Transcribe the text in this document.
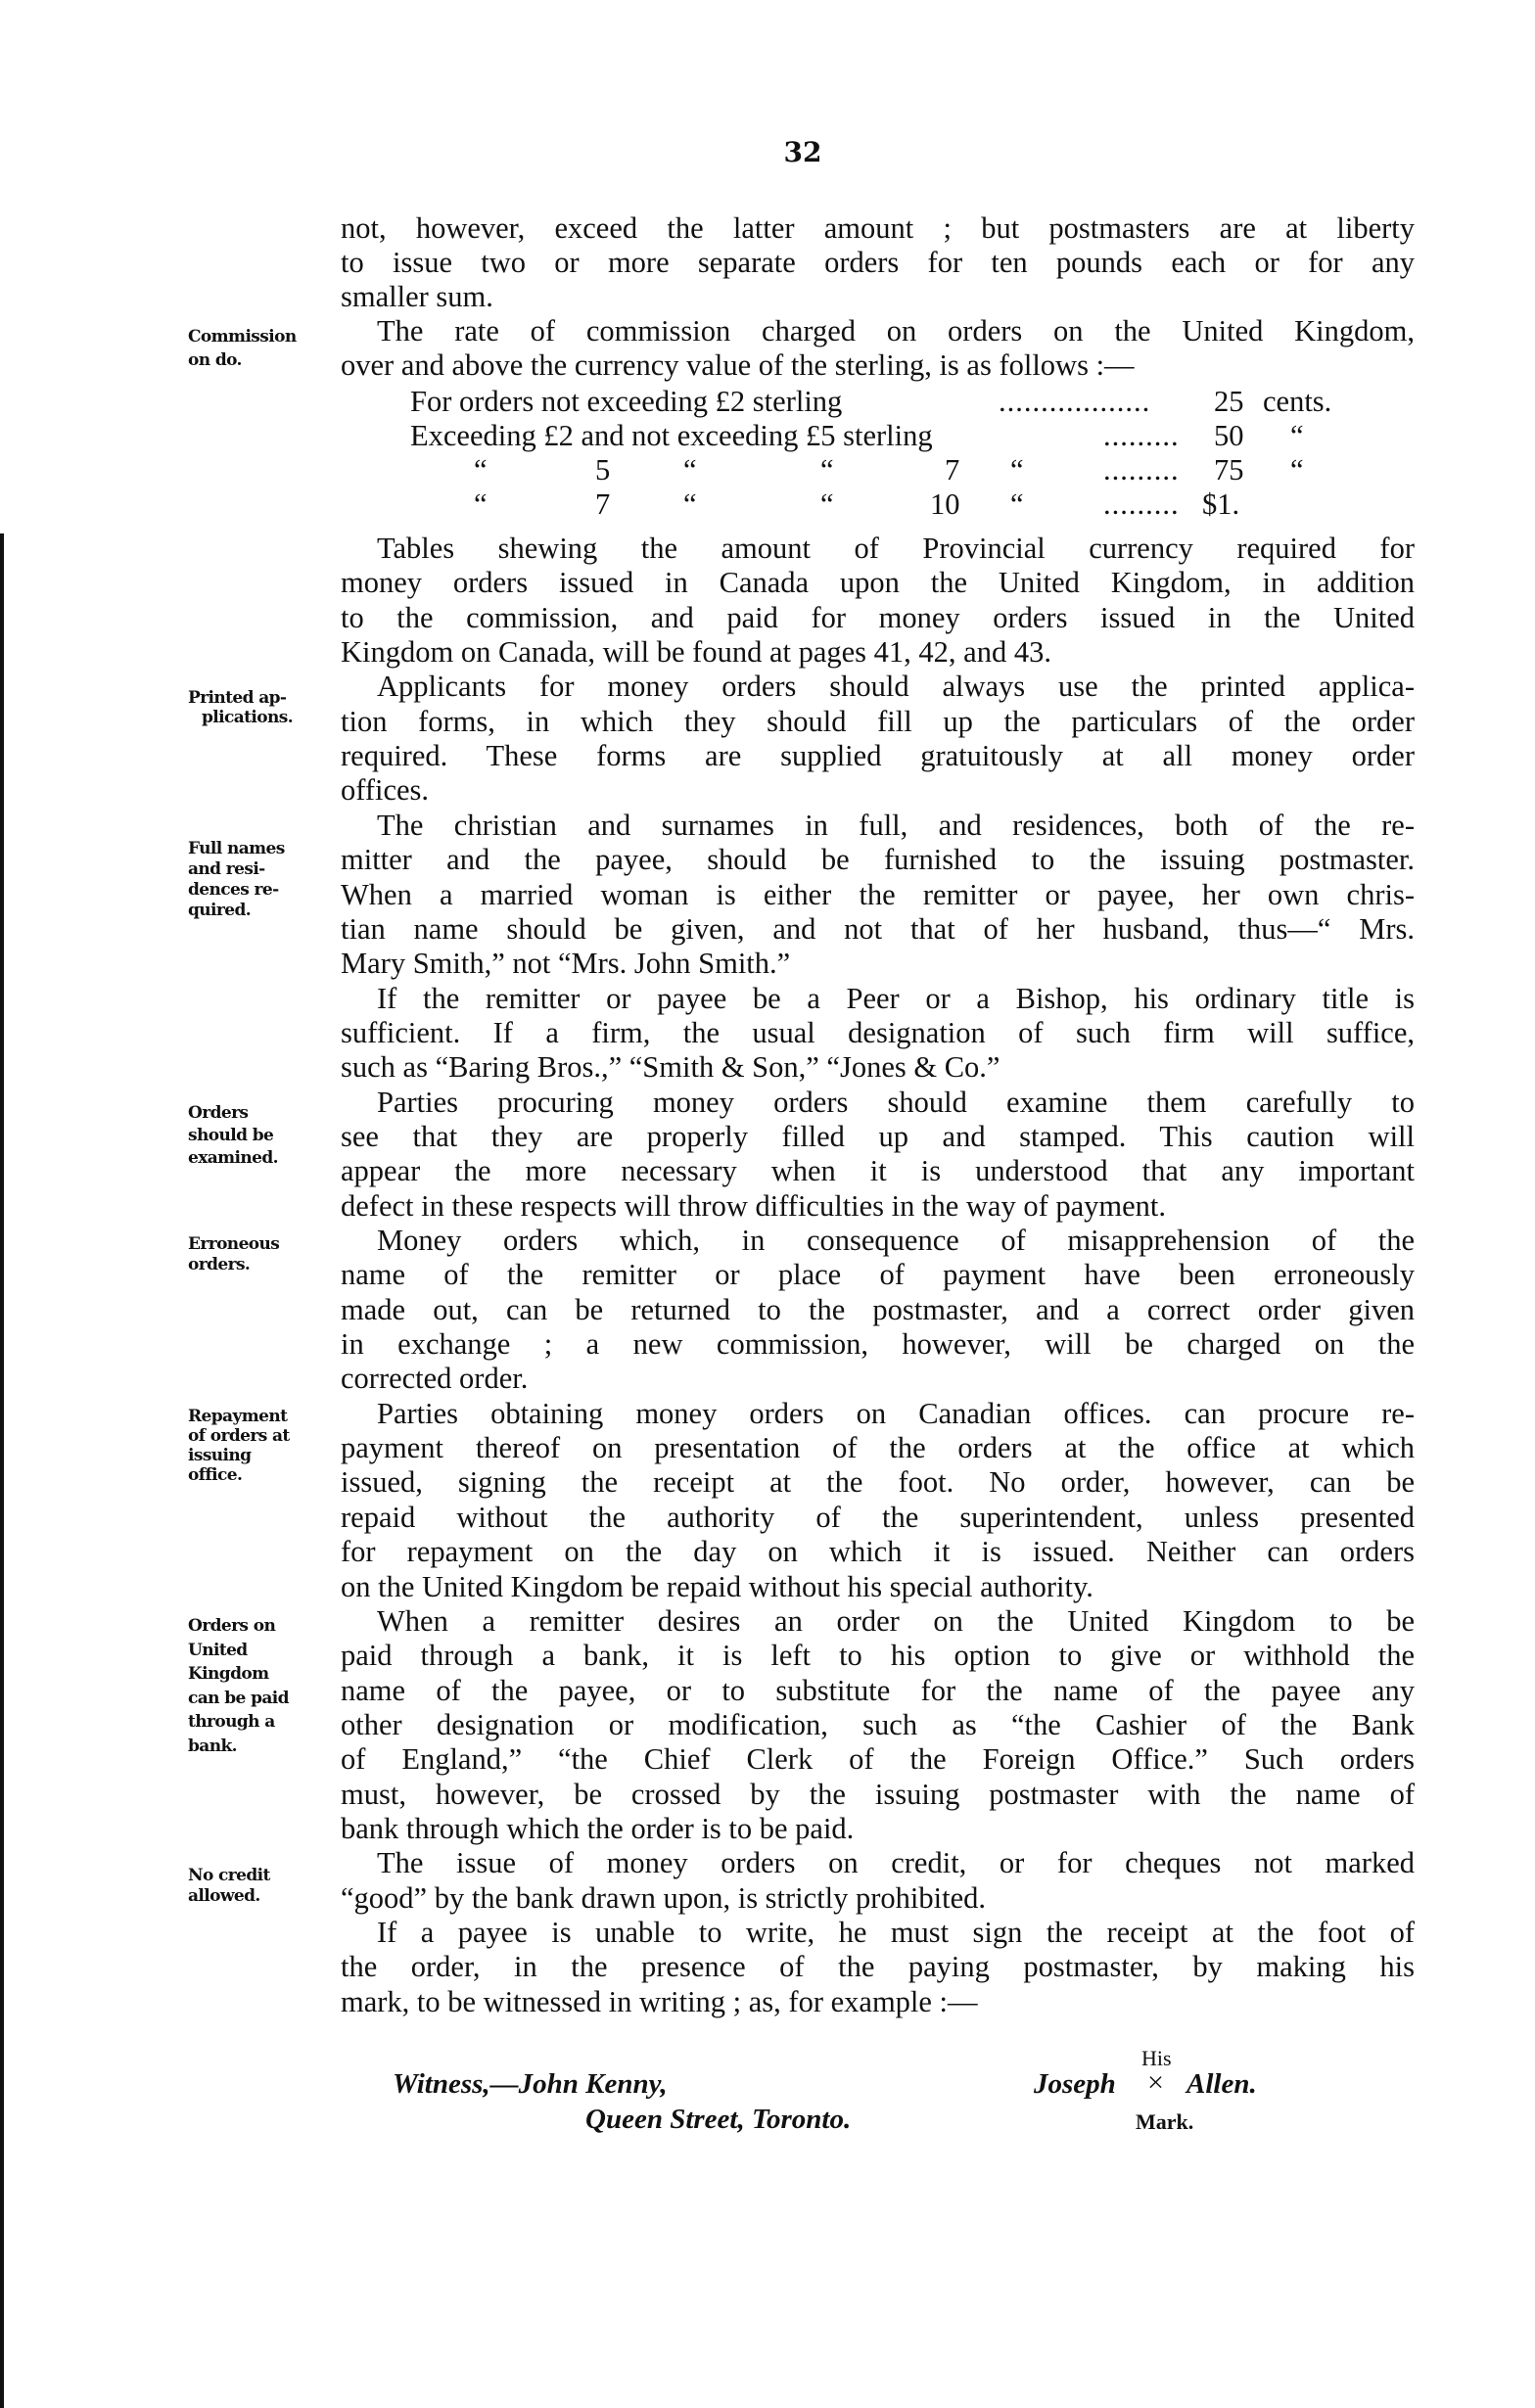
32
not, however, exceed the latter amount ; but postmasters are at liberty
to issue two or more separate orders for ten pounds each or for any
smaller sum.
The rate of commission charged on orders on the United Kingdom,
over and above the currency value of the sterling, is as follows :—
For orders not exceeding £2 sterling	.................. 25 cents.
Exceeding £2 and not exceeding £5 sterling	......... 50 “
“	5 “	“	7 “	......... 75 “
“	7 “	“	10 “	......... $1.
Tables shewing the amount of Provincial currency required for
money orders issued in Canada upon the United Kingdom, in addition
to the commission, and paid for money orders issued in the United
Kingdom on Canada, will be found at pages 41, 42, and 43.
Applicants for money orders should always use the printed applica-
tion forms, in which they should fill up the particulars of the order
required. These forms are supplied gratuitously at all money order
offices.
The christian and surnames in full, and residences, both of the re-
mitter and the payee, should be furnished to the issuing postmaster.
When a married woman is either the remitter or payee, her own chris-
tian name should be given, and not that of her husband, thus—“ Mrs.
Mary Smith,” not “Mrs. John Smith.”
If the remitter or payee be a Peer or a Bishop, his ordinary title is
sufficient. If a firm, the usual designation of such firm will suffice,
such as “Baring Bros.,” “Smith & Son,” “Jones & Co.”
Parties procuring money orders should examine them carefully to
see that they are properly filled up and stamped. This caution will
appear the more necessary when it is understood that any important
defect in these respects will throw difficulties in the way of payment.
Money orders which, in consequence of misapprehension of the
name of the remitter or place of payment have been erroneously
made out, can be returned to the postmaster, and a correct order given
in exchange ; a new commission, however, will be charged on the
corrected order.
Parties obtaining money orders on Canadian offices. can procure re-
payment thereof on presentation of the orders at the office at which
issued, signing the receipt at the foot. No order, however, can be
repaid without the authority of the superintendent, unless presented
for repayment on the day on which it is issued. Neither can orders
on the United Kingdom be repaid without his special authority.
When a remitter desires an order on the United Kingdom to be
paid through a bank, it is left to his option to give or withhold the
name of the payee, or to substitute for the name of the payee any
other designation or modification, such as “the Cashier of the Bank
of England,” “the Chief Clerk of the Foreign Office.” Such orders
must, however, be crossed by the issuing postmaster with the name of
bank through which the order is to be paid.
The issue of money orders on credit, or for cheques not marked
“good” by the bank drawn upon, is strictly prohibited.
If a payee is unable to write, he must sign the receipt at the foot of
the order, in the presence of the paying postmaster, by making his
mark, to be witnessed in writing ; as, for example :—
Commission
on do.
Printed ap-
plications.
Full names
and resi-
dences re-
quired.
Orders
should be
examined.
Erroneous
orders.
Repayment
of orders at
issuing
office.
Orders on
United
Kingdom
can be paid
through a
bank.
No credit
allowed.
Witness,—John Kenny,
Queen Street, Toronto.
His
Joseph × Allen.
Mark.
